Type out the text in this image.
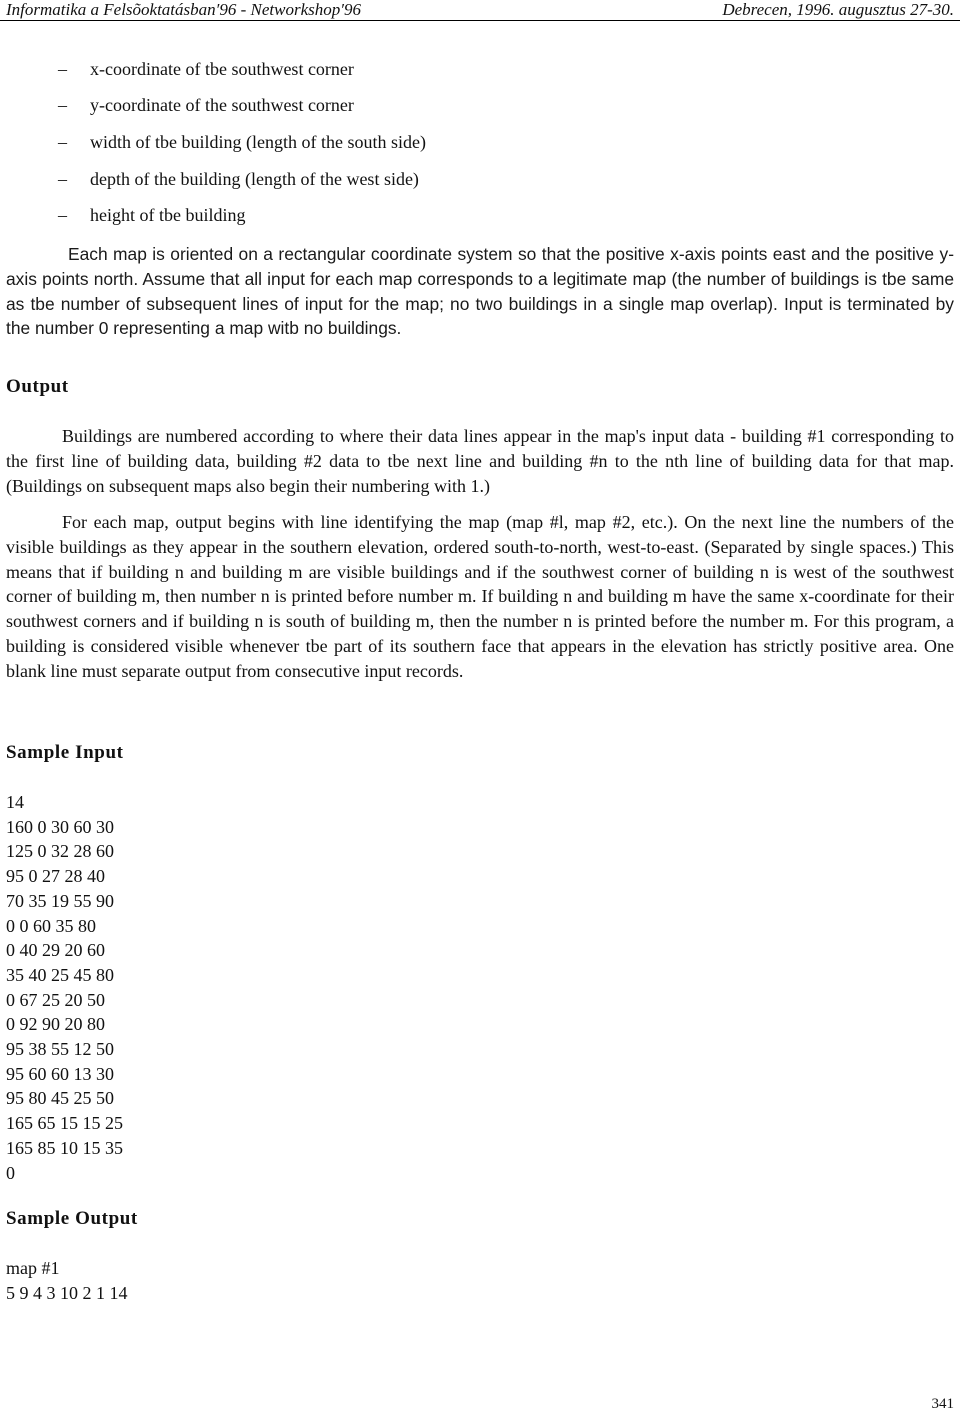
Informatika a Felsõoktatásban′96 - Networkshop′96	Debrecen, 1996. augusztus 27-30.
– x-coordinate of tbe southwest corner
– y-coordinate of the southwest corner
– width of tbe building (length of the south side)
– depth of the building (length of the west side)
– height of tbe building
Each map is oriented on a rectangular coordinate system so that the positive x-axis points east and the positive y-axis points north. Assume that all input for each map corresponds to a legitimate map (the number of buildings is tbe same as tbe number of subsequent lines of input for the map; no two buildings in a single map overlap). Input is terminated by the number 0 representing a map witb no buildings.
Output
Buildings are numbered according to where their data lines appear in the map's input data - building #1 corresponding to the first line of building data, building #2 data to tbe next line and building #n to the nth line of building data for that map. (Buildings on subsequent maps also begin their numbering with 1.)
For each map, output begins with line identifying the map (map #l, map #2, etc.). On the next line the numbers of the visible buildings as they appear in the southern elevation, ordered south-to-north, west-to-east. (Separated by single spaces.) This means that if building n and building m are visible buildings and if the southwest corner of building n is west of the southwest corner of building m, then number n is printed before number m. If building n and building m have the same x-coordinate for their southwest corners and if building n is south of building m, then the number n is printed before the number m. For this program, a building is considered visible whenever tbe part of its southern face that appears in the elevation has strictly positive area. One blank line must separate output from consecutive input records.
Sample Input
14
160 0 30 60 30
125 0 32 28 60
95 0 27 28 40
70 35 19 55 90
0 0 60 35 80
0 40 29 20 60
35 40 25 45 80
0 67 25 20 50
0 92 90 20 80
95 38 55 12 50
95 60 60 13 30
95 80 45 25 50
165 65 15 15 25
165 85 10 15 35
0
Sample Output
map #1
5 9 4 3 10 2 1 14
341
